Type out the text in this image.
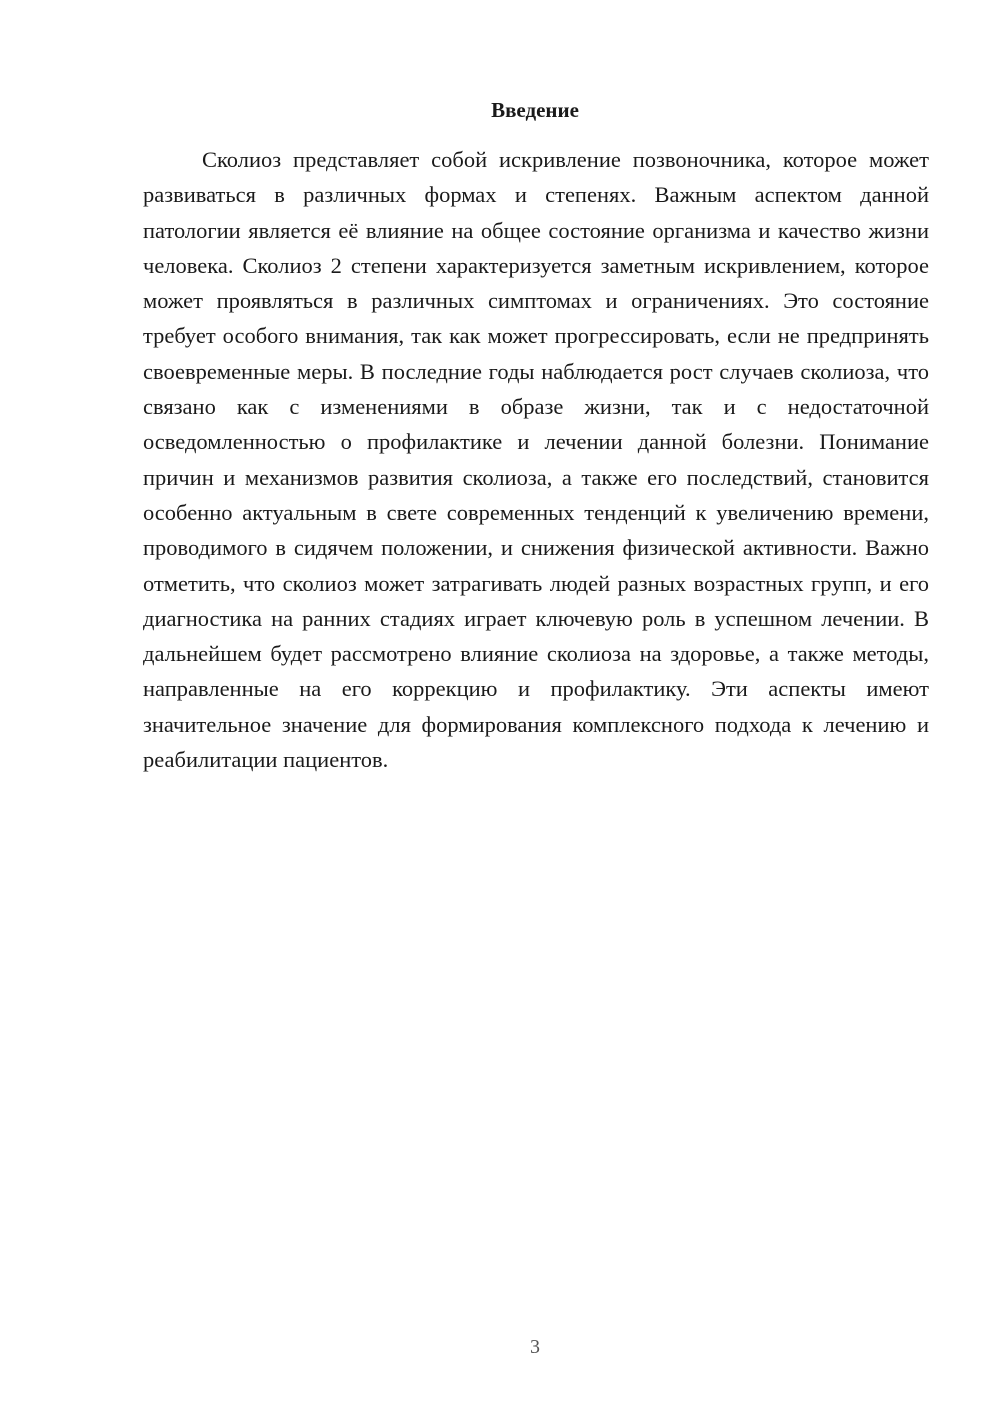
Введение

Сколиоз представляет собой искривление позвоночника, которое может развиваться в различных формах и степенях. Важным аспектом данной патологии является её влияние на общее состояние организма и качество жизни человека. Сколиоз 2 степени характеризуется заметным искривлением, которое может проявляться в различных симптомах и ограничениях. Это состояние требует особого внимания, так как может прогрессировать, если не предпринять своевременные меры. В последние годы наблюдается рост случаев сколиоза, что связано как с изменениями в образе жизни, так и с недостаточной осведомленностью о профилактике и лечении данной болезни. Понимание причин и механизмов развития сколиоза, а также его последствий, становится особенно актуальным в свете современных тенденций к увеличению времени, проводимого в сидячем положении, и снижения физической активности. Важно отметить, что сколиоз может затрагивать людей разных возрастных групп, и его диагностика на ранних стадиях играет ключевую роль в успешном лечении. В дальнейшем будет рассмотрено влияние сколиоза на здоровье, а также методы, направленные на его коррекцию и профилактику. Эти аспекты имеют значительное значение для формирования комплексного подхода к лечению и реабилитации пациентов.

3
